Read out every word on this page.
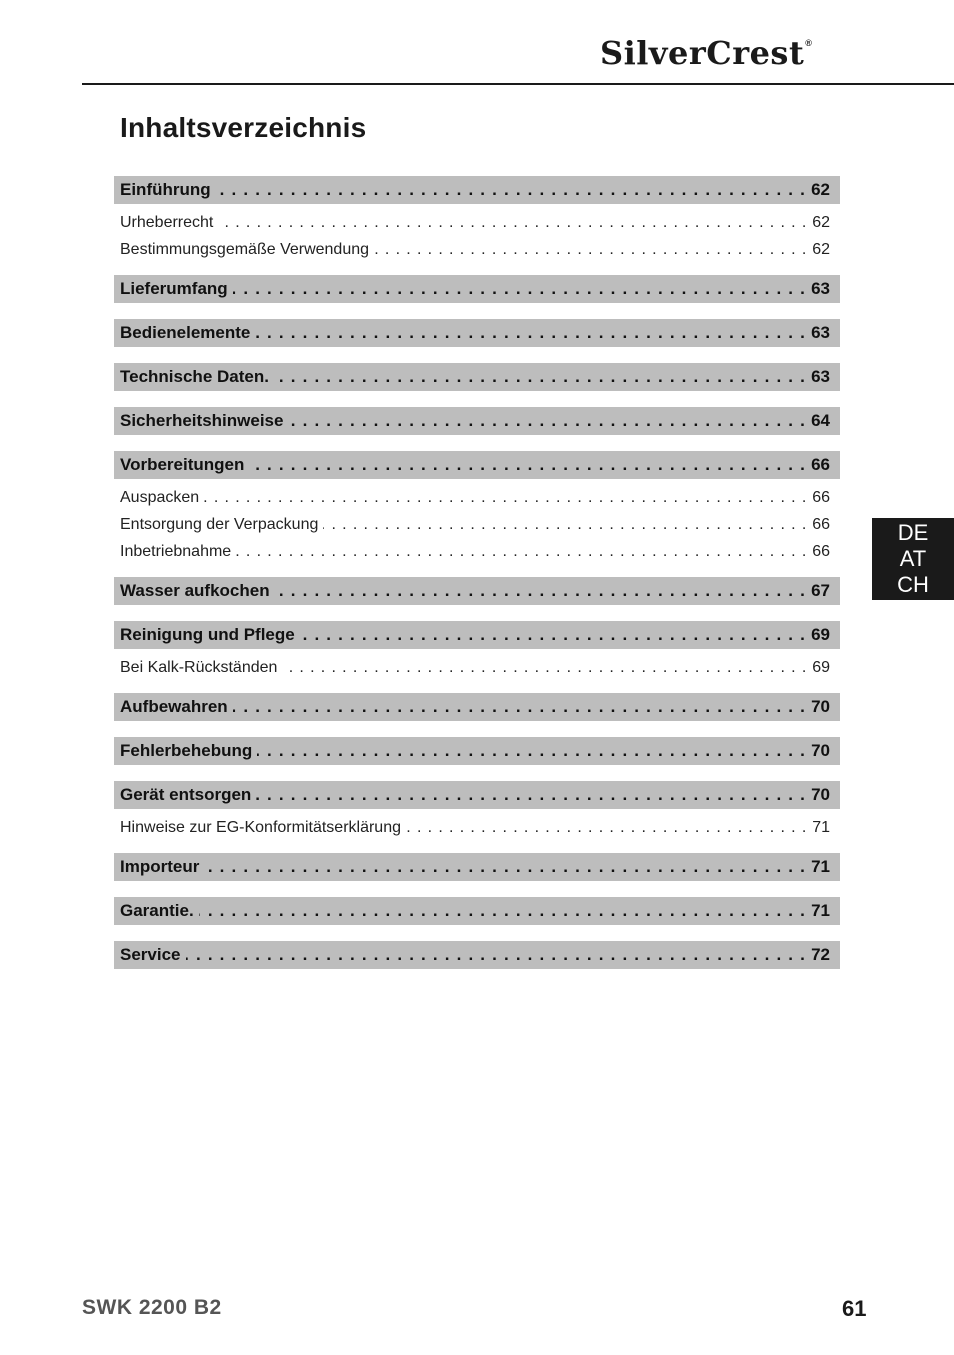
SilverCrest®
Inhaltsverzeichnis
Einführung . . .	62
Urheberrecht . . .	62
Bestimmungsgemäße Verwendung . . .	62
Lieferumfang . . .	63
Bedienelemente . . .	63
Technische Daten. . . .	63
Sicherheitshinweise . . .	64
Vorbereitungen . . .	66
Auspacken . . .	66
Entsorgung der Verpackung . . .	66
Inbetriebnahme . . .	66
Wasser aufkochen . . .	67
Reinigung und Pflege . . .	69
Bei Kalk-Rückständen . . .	69
Aufbewahren . . .	70
Fehlerbehebung . . .	70
Gerät entsorgen . . .	70
Hinweise zur EG-Konformitätserklärung . . .	71
Importeur . . .	71
Garantie. . . .	71
Service . . .	72
DE
AT
CH
SWK 2200 B2	61
